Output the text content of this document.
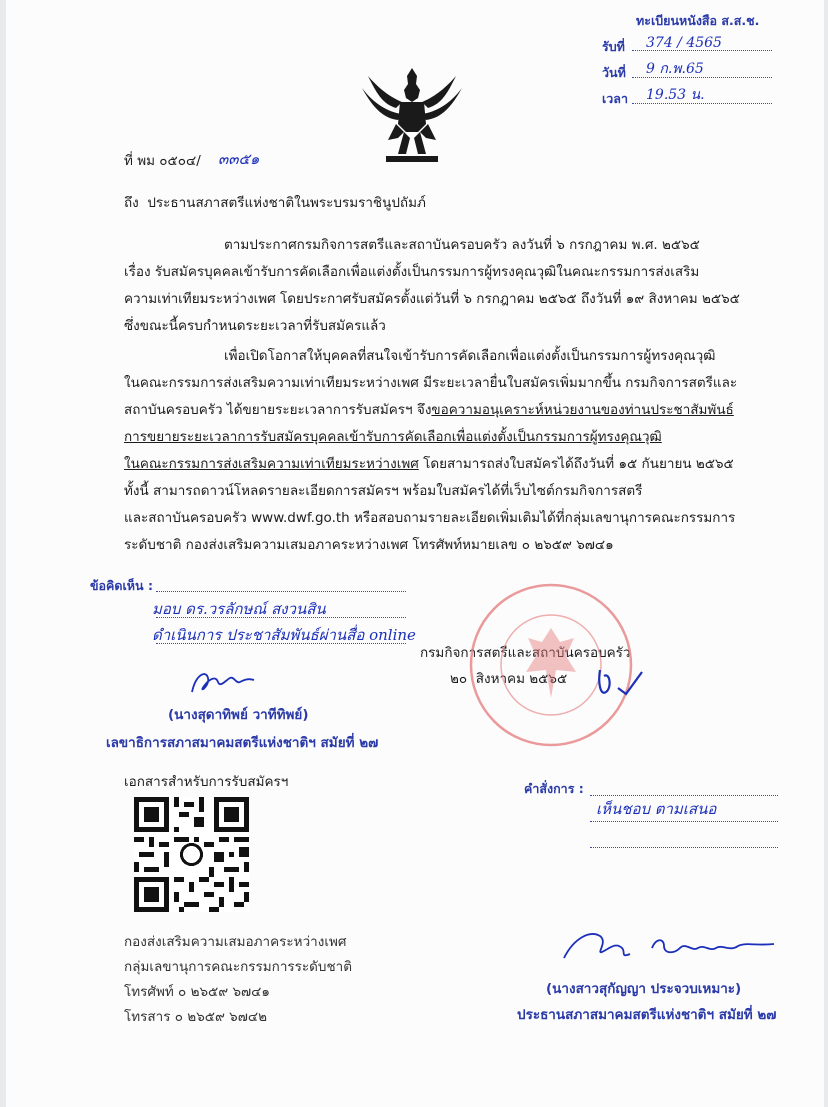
ทะเบียนหนังสือ ส.ส.ช.
รับที่ 374 / 4565
วันที่ 9 ก.พ.65
เวลา 19.53 น.
ที่ พม ๐๕๐๔/ ๓๓๕๑
ถึง ประธานสภาสตรีแห่งชาติในพระบรมราชินูปถัมภ์
ตามประกาศกรมกิจการสตรีและสถาบันครอบครัว ลงวันที่ ๖ กรกฎาคม พ.ศ. ๒๕๖๕
เรื่อง รับสมัครบุคคลเข้ารับการคัดเลือกเพื่อแต่งตั้งเป็นกรรมการผู้ทรงคุณวุฒิในคณะกรรมการส่งเสริม
ความเท่าเทียมระหว่างเพศ โดยประกาศรับสมัครตั้งแต่วันที่ ๖ กรกฎาคม ๒๕๖๕ ถึงวันที่ ๑๙ สิงหาคม ๒๕๖๕
ซึ่งขณะนี้ครบกำหนดระยะเวลาที่รับสมัครแล้ว
เพื่อเปิดโอกาสให้บุคคลที่สนใจเข้ารับการคัดเลือกเพื่อแต่งตั้งเป็นกรรมการผู้ทรงคุณวุฒิ
ในคณะกรรมการส่งเสริมความเท่าเทียมระหว่างเพศ มีระยะเวลายื่นใบสมัครเพิ่มมากขึ้น กรมกิจการสตรีและ
สถาบันครอบครัว ได้ขยายระยะเวลาการรับสมัครฯ จึงขอความอนุเคราะห์หน่วยงานของท่านประชาสัมพันธ์
การขยายระยะเวลาการรับสมัครบุคคลเข้ารับการคัดเลือกเพื่อแต่งตั้งเป็นกรรมการผู้ทรงคุณวุฒิ
ในคณะกรรมการส่งเสริมความเท่าเทียมระหว่างเพศ โดยสามารถส่งใบสมัครได้ถึงวันที่ ๑๕ กันยายน ๒๕๖๕
ทั้งนี้ สามารถดาวน์โหลดรายละเอียดการสมัครฯ พร้อมใบสมัครได้ที่เว็บไซต์กรมกิจการสตรี
และสถาบันครอบครัว www.dwf.go.th หรือสอบถามรายละเอียดเพิ่มเติมได้ที่กลุ่มเลขานุการคณะกรรมการ
ระดับชาติ กองส่งเสริมความเสมอภาคระหว่างเพศ โทรศัพท์หมายเลข ๐ ๒๖๕๙ ๖๗๔๑
ข้อคิดเห็น :
มอบ ดร.วรลักษณ์ สงวนสิน
ดำเนินการ ประชาสัมพันธ์ผ่านสื่อ online
(นางสุดาทิพย์ วาทีทิพย์)
เลขาธิการสภาสมาคมสตรีแห่งชาติฯ สมัยที่ ๒๗
กรมกิจการสตรีและสถาบันครอบครัว
๒๐ สิงหาคม ๒๕๖๕
เอกสารสำหรับการรับสมัครฯ	คำสั่งการ :
เห็นชอบ ตามเสนอ
กองส่งเสริมความเสมอภาคระหว่างเพศ
กลุ่มเลขานุการคณะกรรมการระดับชาติ
โทรศัพท์ ๐ ๒๖๕๙ ๖๗๔๑
โทรสาร ๐ ๒๖๕๙ ๖๗๔๒
(นางสาวสุกัญญา ประจวบเหมาะ)
ประธานสภาสมาคมสตรีแห่งชาติฯ สมัยที่ ๒๗
